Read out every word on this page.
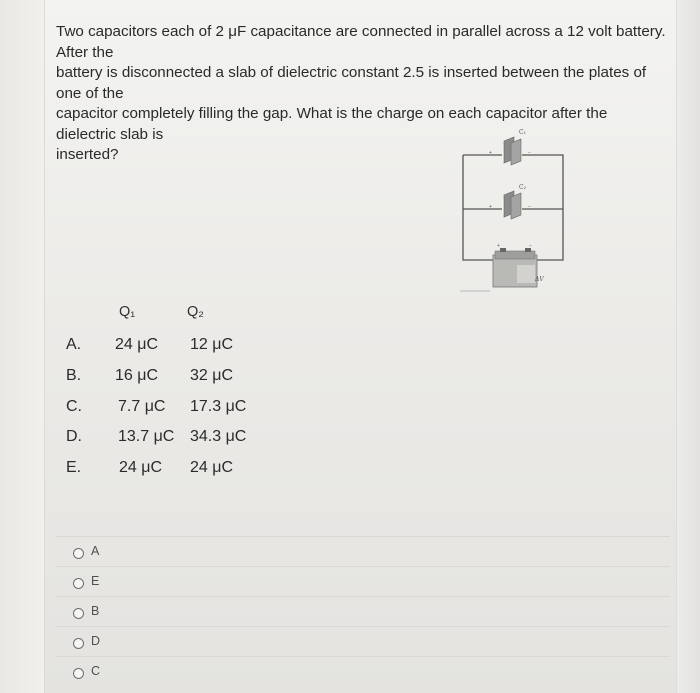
Two capacitors each of 2 μF capacitance are connected in parallel across a 12 volt battery. After the
battery is disconnected a slab of dielectric constant 2.5 is inserted between the plates of one of the
capacitor completely filling the gap. What is the charge on each capacitor after the dielectric slab is
inserted?
C₁
C₂
+	−
+	−
+	−
ΔV
Q₁	Q₂
A. 24 μC 12 μC
B. 16 μC 32 μC
C. 7.7 μC 17.3 μC
D. 13.7 μC 34.3 μC
E. 24 μC 24 μC
A
E
B
D
C
